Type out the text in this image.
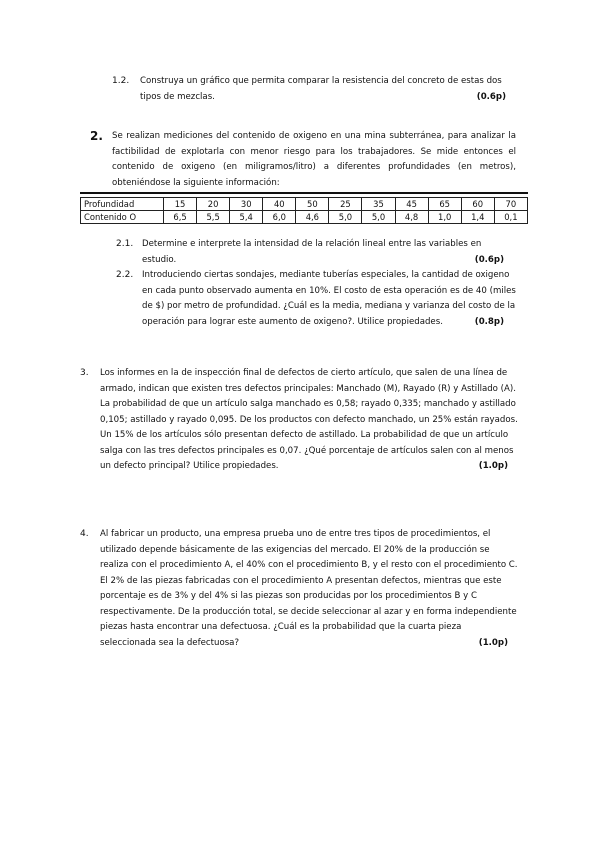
1.2. Construya un gráfico que permita comparar la resistencia del concreto de estas dos tipos de mezclas.	(0.6p)
2. Se realizan mediciones del contenido de oxigeno en una mina subterránea, para analizar la factibilidad de explotarla con menor riesgo para los trabajadores. Se mide entonces el contenido de oxigeno (en miligramos/litro) a diferentes profundidades (en metros), obteniéndose la siguiente información:
Profundidad	15	20	30	40	50	25	35	45	65	60	70
Contenido O	6,5	5,5	5,4	6,0	4,6	5,0	5,0	4,8	1,0	1,4	0,1
2.1. Determine e interprete la intensidad de la relación lineal entre las variables en estudio.	(0.6p)
2.2. Introduciendo ciertas sondajes, mediante tuberías especiales, la cantidad de oxigeno en cada punto observado aumenta en 10%. El costo de esta operación es de 40 (miles de $) por metro de profundidad. ¿Cuál es la media, mediana y varianza del costo de la operación para lograr este aumento de oxigeno?. Utilice propiedades.	(0.8p)
3. Los informes en la de inspección final de defectos de cierto artículo, que salen de una línea de armado, indican que existen tres defectos principales: Manchado (M), Rayado (R) y Astillado (A). La probabilidad de que un artículo salga manchado es 0,58; rayado 0,335; manchado y astillado 0,105; astillado y rayado 0,095. De los productos con defecto manchado, un 25% están rayados. Un 15% de los artículos sólo presentan defecto de astillado. La probabilidad de que un artículo salga con las tres defectos principales es 0,07. ¿Qué porcentaje de artículos salen con al menos un defecto principal? Utilice propiedades.	(1.0p)
4. Al fabricar un producto, una empresa prueba uno de entre tres tipos de procedimientos, el utilizado depende básicamente de las exigencias del mercado. El 20% de la producción se realiza con el procedimiento A, el 40% con el procedimiento B, y el resto con el procedimiento C. El 2% de las piezas fabricadas con el procedimiento A presentan defectos, mientras que este porcentaje es de 3% y del 4% si las piezas son producidas por los procedimientos B y C respectivamente. De la producción total, se decide seleccionar al azar y en forma independiente piezas hasta encontrar una defectuosa. ¿Cuál es la probabilidad que la cuarta pieza seleccionada sea la defectuosa?	(1.0p)
